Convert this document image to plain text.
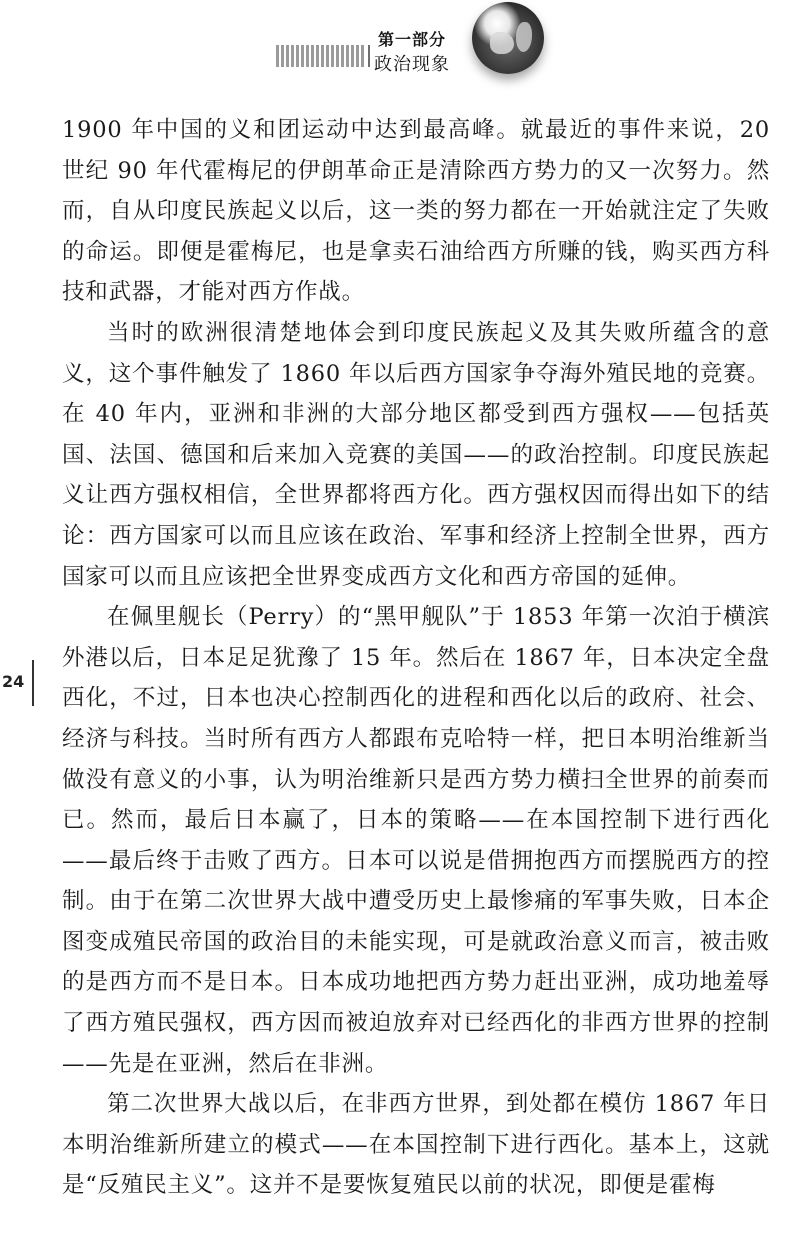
第一部分
政治现象
24

1900 年中国的义和团运动中达到最高峰。就最近的事件来说，20 世纪 90 年代霍梅尼的伊朗革命正是清除西方势力的又一次努力。然而，自从印度民族起义以后，这一类的努力都在一开始就注定了失败的命运。即便是霍梅尼，也是拿卖石油给西方所赚的钱，购买西方科技和武器，才能对西方作战。

当时的欧洲很清楚地体会到印度民族起义及其失败所蕴含的意义，这个事件触发了 1860 年以后西方国家争夺海外殖民地的竞赛。在 40 年内，亚洲和非洲的大部分地区都受到西方强权——包括英国、法国、德国和后来加入竞赛的美国——的政治控制。印度民族起义让西方强权相信，全世界都将西方化。西方强权因而得出如下的结论：西方国家可以而且应该在政治、军事和经济上控制全世界，西方国家可以而且应该把全世界变成西方文化和西方帝国的延伸。

在佩里舰长（Perry）的“黑甲舰队”于 1853 年第一次泊于横滨外港以后，日本足足犹豫了 15 年。然后在 1867 年，日本决定全盘西化，不过，日本也决心控制西化的进程和西化以后的政府、社会、经济与科技。当时所有西方人都跟布克哈特一样，把日本明治维新当做没有意义的小事，认为明治维新只是西方势力横扫全世界的前奏而已。然而，最后日本赢了，日本的策略——在本国控制下进行西化——最后终于击败了西方。日本可以说是借拥抱西方而摆脱西方的控制。由于在第二次世界大战中遭受历史上最惨痛的军事失败，日本企图变成殖民帝国的政治目的未能实现，可是就政治意义而言，被击败的是西方而不是日本。日本成功地把西方势力赶出亚洲，成功地羞辱了西方殖民强权，西方因而被迫放弃对已经西化的非西方世界的控制——先是在亚洲，然后在非洲。

第二次世界大战以后，在非西方世界，到处都在模仿 1867 年日本明治维新所建立的模式——在本国控制下进行西化。基本上，这就是“反殖民主义”。这并不是要恢复殖民以前的状况，即便是霍梅
